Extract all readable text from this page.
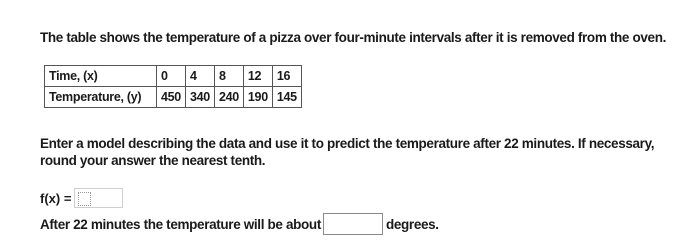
The table shows the temperature of a pizza over four-minute intervals after it is removed from the oven.
Time, (x)	0	4	8	12	16
Temperature, (y)	450	340	240	190	145
Enter a model describing the data and use it to predict the temperature after 22 minutes. If necessary, round your answer the nearest tenth.
f(x) =
After 22 minutes the temperature will be about	degrees.
